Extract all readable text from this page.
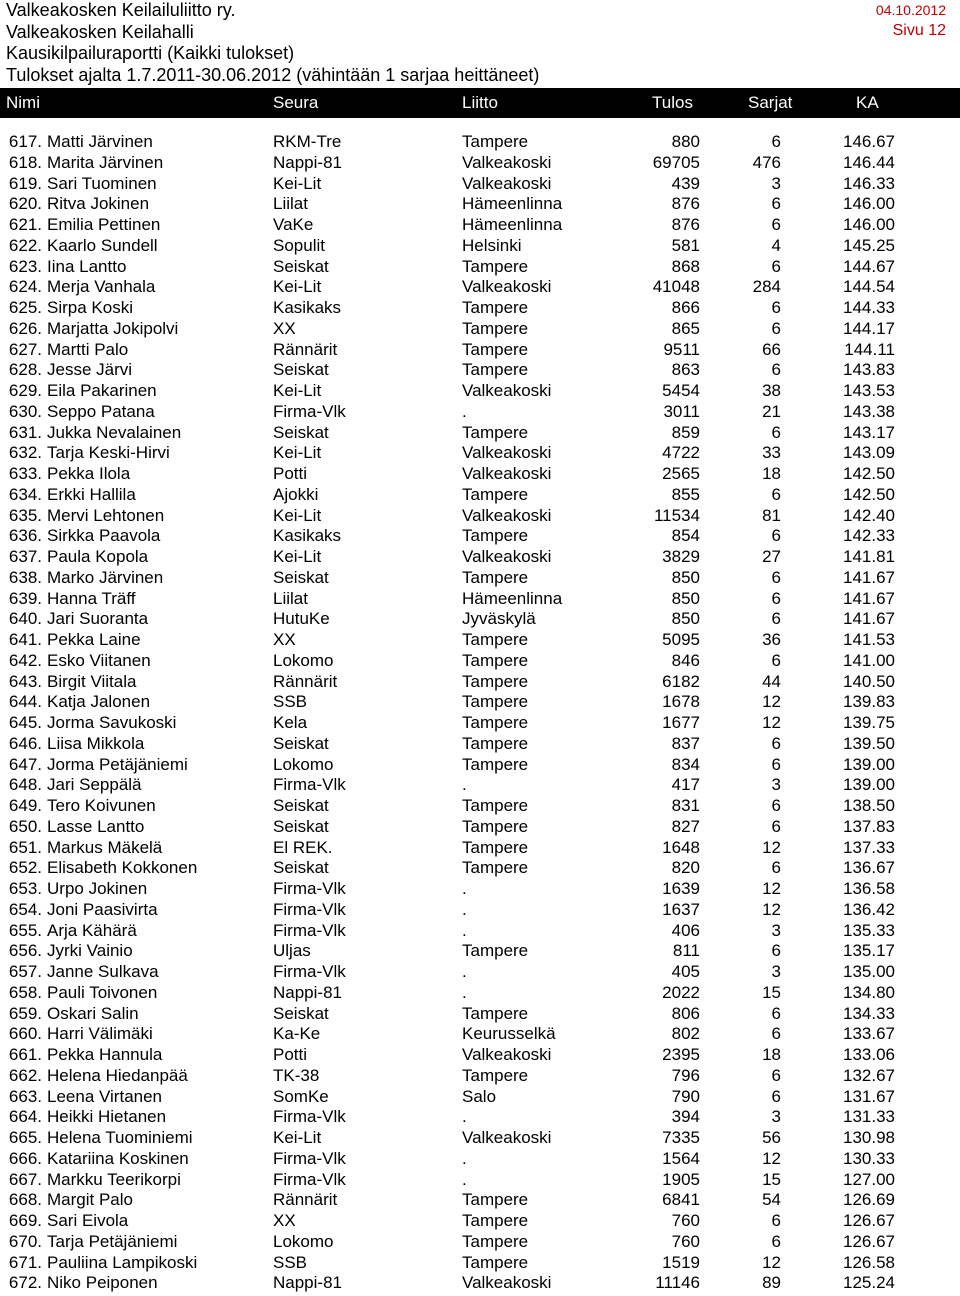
Valkeakosken Keilailuliitto ry.
Valkeakosken Keilahalli
Kausikilpailuraportti (Kaikki tulokset)
Tulokset ajalta 1.7.2011-30.06.2012 (vähintään 1 sarjaa heittäneet)
04.10.2012
Sivu 12
Nimi	Seura	Liitto	Tulos	Sarjat	KA
617. Matti Järvinen	RKM-Tre	Tampere	880	6	146.67
618. Marita Järvinen	Nappi-81	Valkeakoski	69705	476	146.44
619. Sari Tuominen	Kei-Lit	Valkeakoski	439	3	146.33
620. Ritva Jokinen	Liilat	Hämeenlinna	876	6	146.00
621. Emilia Pettinen	VaKe	Hämeenlinna	876	6	146.00
622. Kaarlo Sundell	Sopulit	Helsinki	581	4	145.25
623. Iina Lantto	Seiskat	Tampere	868	6	144.67
624. Merja Vanhala	Kei-Lit	Valkeakoski	41048	284	144.54
625. Sirpa Koski	Kasikaks	Tampere	866	6	144.33
626. Marjatta Jokipolvi	XX	Tampere	865	6	144.17
627. Martti Palo	Rännärit	Tampere	9511	66	144.11
628. Jesse Järvi	Seiskat	Tampere	863	6	143.83
629. Eila Pakarinen	Kei-Lit	Valkeakoski	5454	38	143.53
630. Seppo Patana	Firma-Vlk	.	3011	21	143.38
631. Jukka Nevalainen	Seiskat	Tampere	859	6	143.17
632. Tarja Keski-Hirvi	Kei-Lit	Valkeakoski	4722	33	143.09
633. Pekka Ilola	Potti	Valkeakoski	2565	18	142.50
634. Erkki Hallila	Ajokki	Tampere	855	6	142.50
635. Mervi Lehtonen	Kei-Lit	Valkeakoski	11534	81	142.40
636. Sirkka Paavola	Kasikaks	Tampere	854	6	142.33
637. Paula Kopola	Kei-Lit	Valkeakoski	3829	27	141.81
638. Marko Järvinen	Seiskat	Tampere	850	6	141.67
639. Hanna Träff	Liilat	Hämeenlinna	850	6	141.67
640. Jari Suoranta	HutuKe	Jyväskylä	850	6	141.67
641. Pekka Laine	XX	Tampere	5095	36	141.53
642. Esko Viitanen	Lokomo	Tampere	846	6	141.00
643. Birgit Viitala	Rännärit	Tampere	6182	44	140.50
644. Katja Jalonen	SSB	Tampere	1678	12	139.83
645. Jorma Savukoski	Kela	Tampere	1677	12	139.75
646. Liisa Mikkola	Seiskat	Tampere	837	6	139.50
647. Jorma Petäjäniemi	Lokomo	Tampere	834	6	139.00
648. Jari Seppälä	Firma-Vlk	.	417	3	139.00
649. Tero Koivunen	Seiskat	Tampere	831	6	138.50
650. Lasse Lantto	Seiskat	Tampere	827	6	137.83
651. Markus Mäkelä	El REK.	Tampere	1648	12	137.33
652. Elisabeth Kokkonen	Seiskat	Tampere	820	6	136.67
653. Urpo Jokinen	Firma-Vlk	.	1639	12	136.58
654. Joni Paasivirta	Firma-Vlk	.	1637	12	136.42
655. Arja Kähärä	Firma-Vlk	.	406	3	135.33
656. Jyrki Vainio	Uljas	Tampere	811	6	135.17
657. Janne Sulkava	Firma-Vlk	.	405	3	135.00
658. Pauli Toivonen	Nappi-81	.	2022	15	134.80
659. Oskari Salin	Seiskat	Tampere	806	6	134.33
660. Harri Välimäki	Ka-Ke	Keurusselkä	802	6	133.67
661. Pekka Hannula	Potti	Valkeakoski	2395	18	133.06
662. Helena Hiedanpää	TK-38	Tampere	796	6	132.67
663. Leena Virtanen	SomKe	Salo	790	6	131.67
664. Heikki Hietanen	Firma-Vlk	.	394	3	131.33
665. Helena Tuominiemi	Kei-Lit	Valkeakoski	7335	56	130.98
666. Katariina Koskinen	Firma-Vlk	.	1564	12	130.33
667. Markku Teerikorpi	Firma-Vlk	.	1905	15	127.00
668. Margit Palo	Rännärit	Tampere	6841	54	126.69
669. Sari Eivola	XX	Tampere	760	6	126.67
670. Tarja Petäjäniemi	Lokomo	Tampere	760	6	126.67
671. Pauliina Lampikoski	SSB	Tampere	1519	12	126.58
672. Niko Peiponen	Nappi-81	Valkeakoski	11146	89	125.24
